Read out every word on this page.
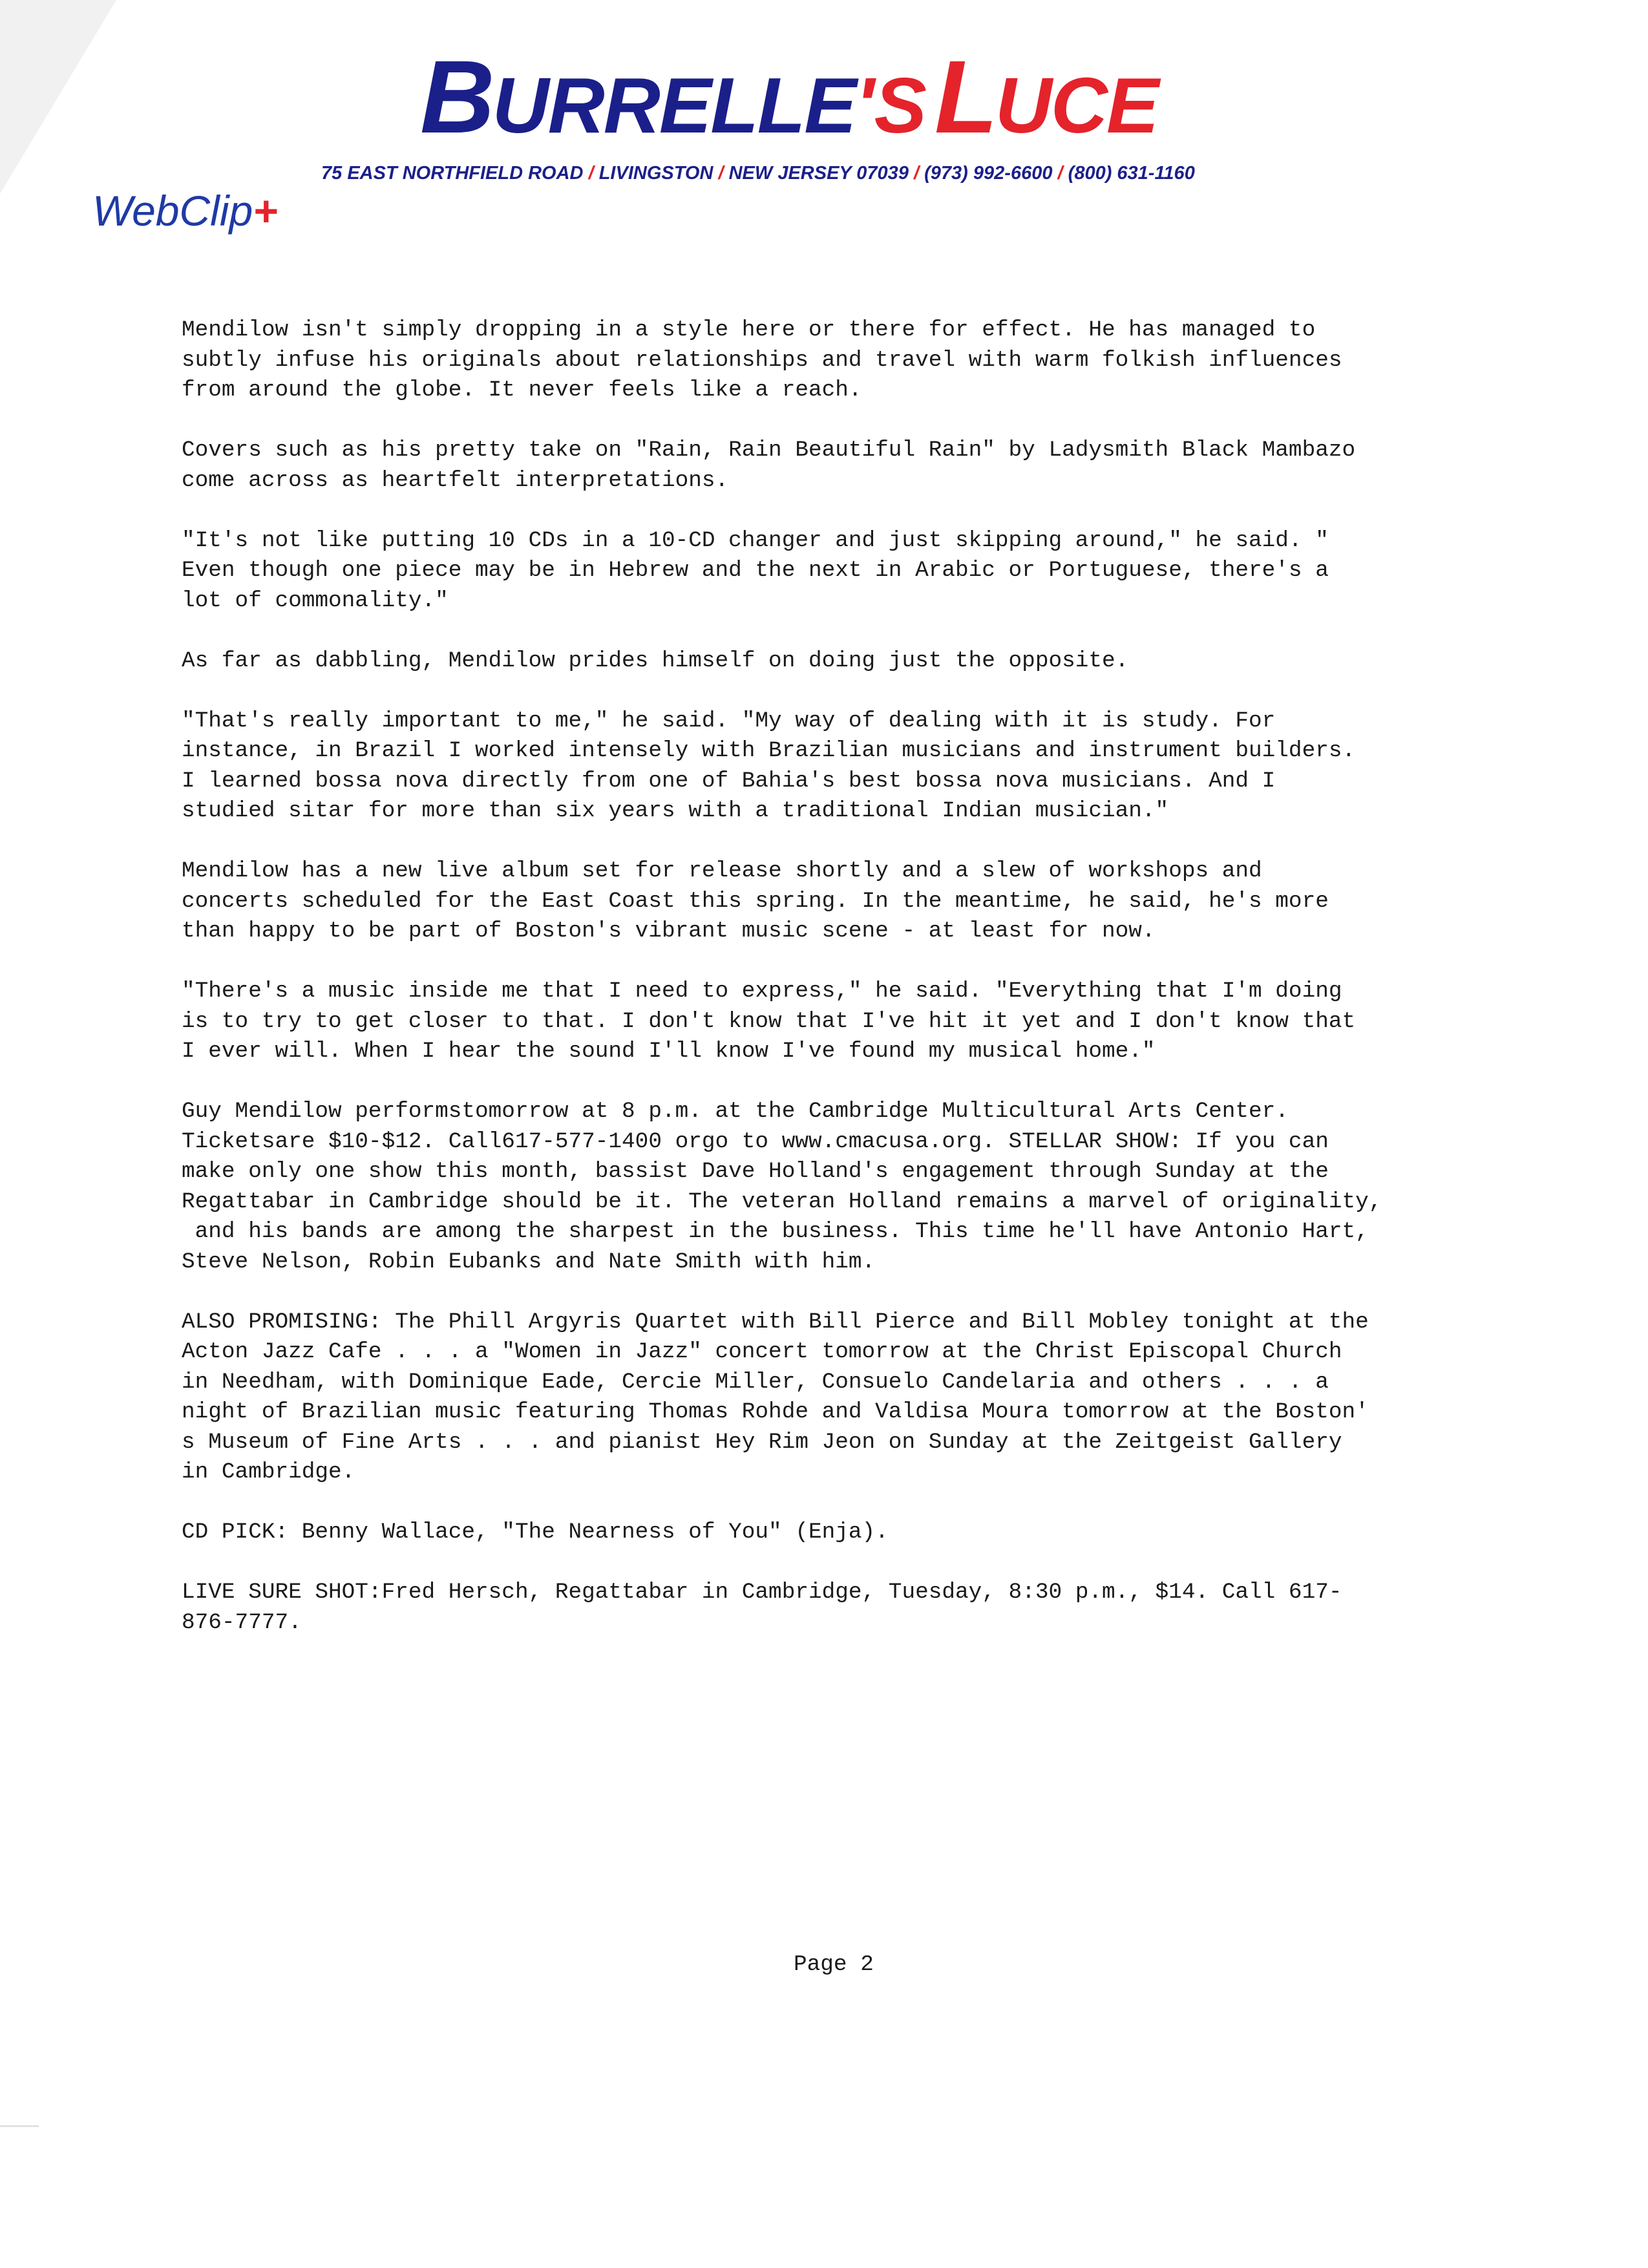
BURRELLE'SLUCE
75 EAST NORTHFIELD ROAD / LIVINGSTON / NEW JERSEY 07039 / (973) 992-6600 / (800) 631-1160
WebClip+

Mendilow isn't simply dropping in a style here or there for effect. He has managed to
subtly infuse his originals about relationships and travel with warm folkish influences
from around the globe. It never feels like a reach.

Covers such as his pretty take on "Rain, Rain Beautiful Rain" by Ladysmith Black Mambazo
come across as heartfelt interpretations.

"It's not like putting 10 CDs in a 10-CD changer and just skipping around," he said. "
Even though one piece may be in Hebrew and the next in Arabic or Portuguese, there's a
lot of commonality."

As far as dabbling, Mendilow prides himself on doing just the opposite.

"That's really important to me," he said. "My way of dealing with it is study. For
instance, in Brazil I worked intensely with Brazilian musicians and instrument builders.
I learned bossa nova directly from one of Bahia's best bossa nova musicians. And I
studied sitar for more than six years with a traditional Indian musician."

Mendilow has a new live album set for release shortly and a slew of workshops and
concerts scheduled for the East Coast this spring. In the meantime, he said, he's more
than happy to be part of Boston's vibrant music scene - at least for now.

"There's a music inside me that I need to express," he said. "Everything that I'm doing
is to try to get closer to that. I don't know that I've hit it yet and I don't know that
I ever will. When I hear the sound I'll know I've found my musical home."

Guy Mendilow performstomorrow at 8 p.m. at the Cambridge Multicultural Arts Center.
Ticketsare $10-$12. Call617-577-1400 orgo to www.cmacusa.org. STELLAR SHOW: If you can
make only one show this month, bassist Dave Holland's engagement through Sunday at the
Regattabar in Cambridge should be it. The veteran Holland remains a marvel of originality,
and his bands are among the sharpest in the business. This time he'll have Antonio Hart,
Steve Nelson, Robin Eubanks and Nate Smith with him.

ALSO PROMISING: The Phill Argyris Quartet with Bill Pierce and Bill Mobley tonight at the
Acton Jazz Cafe . . . a "Women in Jazz" concert tomorrow at the Christ Episcopal Church
in Needham, with Dominique Eade, Cercie Miller, Consuelo Candelaria and others . . . a
night of Brazilian music featuring Thomas Rohde and Valdisa Moura tomorrow at the Boston'
s Museum of Fine Arts . . . and pianist Hey Rim Jeon on Sunday at the Zeitgeist Gallery
in Cambridge.

CD PICK: Benny Wallace, "The Nearness of You" (Enja).

LIVE SURE SHOT:Fred Hersch, Regattabar in Cambridge, Tuesday, 8:30 p.m., $14. Call 617-
876-7777.

Page 2
